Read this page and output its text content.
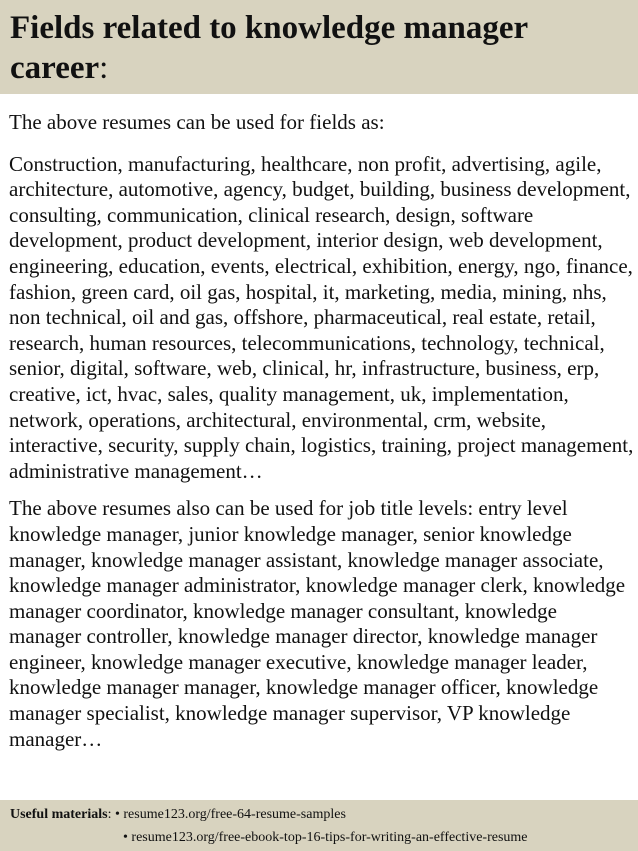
Fields related to knowledge manager career:

The above resumes can be used for fields as:

Construction, manufacturing, healthcare, non profit, advertising, agile, architecture, automotive, agency, budget, building, business development, consulting, communication, clinical research, design, software development, product development, interior design, web development, engineering, education, events, electrical, exhibition, energy, ngo, finance, fashion, green card, oil gas, hospital, it, marketing, media, mining, nhs, non technical, oil and gas, offshore, pharmaceutical, real estate, retail, research, human resources, telecommunications, technology, technical, senior, digital, software, web, clinical, hr, infrastructure, business, erp, creative, ict, hvac, sales, quality management, uk, implementation, network, operations, architectural, environmental, crm, website, interactive, security, supply chain, logistics, training, project management, administrative management…

The above resumes also can be used for job title levels: entry level knowledge manager, junior knowledge manager, senior knowledge manager, knowledge manager assistant, knowledge manager associate, knowledge manager administrator, knowledge manager clerk, knowledge manager coordinator, knowledge manager consultant, knowledge manager controller, knowledge manager director, knowledge manager engineer, knowledge manager executive, knowledge manager leader, knowledge manager manager, knowledge manager officer, knowledge manager specialist, knowledge manager supervisor, VP knowledge manager…

Useful materials: • resume123.org/free-64-resume-samples
• resume123.org/free-ebook-top-16-tips-for-writing-an-effective-resume
